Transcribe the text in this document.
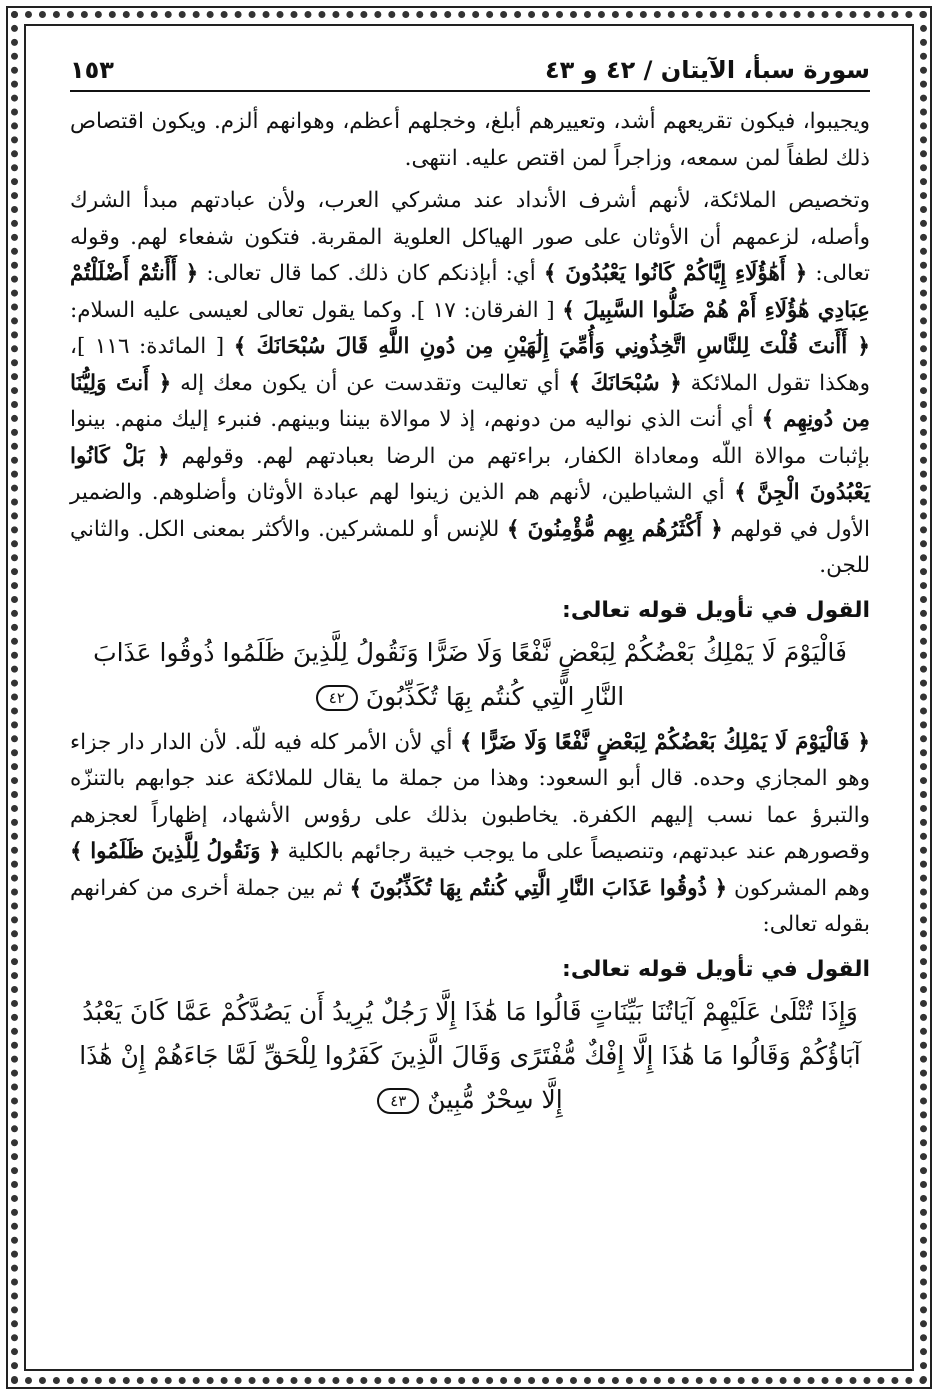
سورة سبأ، الآيتان / ٤٢ و ٤٣
١٥٣

ويجيبوا، فيكون تقريعهم أشد، وتعييرهم أبلغ، وخجلهم أعظم، وهوانهم ألزم. ويكون اقتصاص ذلك لطفاً لمن سمعه، وزاجراً لمن اقتص عليه. انتهى.

وتخصيص الملائكة، لأنهم أشرف الأنداد عند مشركي العرب، ولأن عبادتهم مبدأ الشرك وأصله، لزعمهم أن الأوثان على صور الهياكل العلوية المقربة. فتكون شفعاء لهم. وقوله تعالى: ﴿ أَهَٰؤُلَاءِ إِيَّاكُمْ كَانُوا يَعْبُدُونَ ﴾ أي: أبإذنكم كان ذلك. كما قال تعالى: ﴿ أَأَنتُمْ أَضْلَلْتُمْ عِبَادِي هَٰؤُلَاءِ أَمْ هُمْ ضَلُّوا السَّبِيلَ ﴾ [ الفرقان: ١٧ ]. وكما يقول تعالى لعيسى عليه السلام: ﴿ أَأَنتَ قُلْتَ لِلنَّاسِ اتَّخِذُونِي وَأُمِّيَ إِلَٰهَيْنِ مِن دُونِ اللَّهِ قَالَ سُبْحَانَكَ ﴾ [ المائدة: ١١٦ ]، وهكذا تقول الملائكة ﴿ سُبْحَانَكَ ﴾ أي تعاليت وتقدست عن أن يكون معك إله ﴿ أَنتَ وَلِيُّنَا مِن دُونِهِم ﴾ أي أنت الذي نواليه من دونهم، إذ لا موالاة بيننا وبينهم. فنبرء إليك منهم. بينوا بإثبات موالاة اللّه ومعاداة الكفار، براءتهم من الرضا بعبادتهم لهم. وقولهم ﴿ بَلْ كَانُوا يَعْبُدُونَ الْجِنَّ ﴾ أي الشياطين، لأنهم هم الذين زينوا لهم عبادة الأوثان وأضلوهم. والضمير الأول في قولهم ﴿ أَكْثَرُهُم بِهِم مُّؤْمِنُونَ ﴾ للإنس أو للمشركين. والأكثر بمعنى الكل. والثاني للجن.

القول في تأويل قوله تعالى:
فَالْيَوْمَ لَا يَمْلِكُ بَعْضُكُمْ لِبَعْضٍ نَّفْعًا وَلَا ضَرًّا وَنَقُولُ لِلَّذِينَ ظَلَمُوا ذُوقُوا عَذَابَ النَّارِ الَّتِي كُنتُم بِهَا تُكَذِّبُونَ ٤٢

﴿ فَالْيَوْمَ لَا يَمْلِكُ بَعْضُكُمْ لِبَعْضٍ نَّفْعًا وَلَا ضَرًّا ﴾ أي لأن الأمر كله فيه للّه. لأن الدار دار جزاء وهو المجازي وحده. قال أبو السعود: وهذا من جملة ما يقال للملائكة عند جوابهم بالتنزّه والتبرؤ عما نسب إليهم الكفرة. يخاطبون بذلك على رؤوس الأشهاد، إظهاراً لعجزهم وقصورهم عند عبدتهم، وتنصيصاً على ما يوجب خيبة رجائهم بالكلية ﴿ وَنَقُولُ لِلَّذِينَ ظَلَمُوا ﴾ وهم المشركون ﴿ ذُوقُوا عَذَابَ النَّارِ الَّتِي كُنتُم بِهَا تُكَذِّبُونَ ﴾ ثم بين جملة أخرى من كفرانهم بقوله تعالى:

القول في تأويل قوله تعالى:
وَإِذَا تُتْلَىٰ عَلَيْهِمْ آيَاتُنَا بَيِّنَاتٍ قَالُوا مَا هَٰذَا إِلَّا رَجُلٌ يُرِيدُ أَن يَصُدَّكُمْ عَمَّا كَانَ يَعْبُدُ آبَاؤُكُمْ وَقَالُوا مَا هَٰذَا إِلَّا إِفْكٌ مُّفْتَرًى وَقَالَ الَّذِينَ كَفَرُوا لِلْحَقِّ لَمَّا جَاءَهُمْ إِنْ هَٰذَا إِلَّا سِحْرٌ مُّبِينٌ ٤٣
